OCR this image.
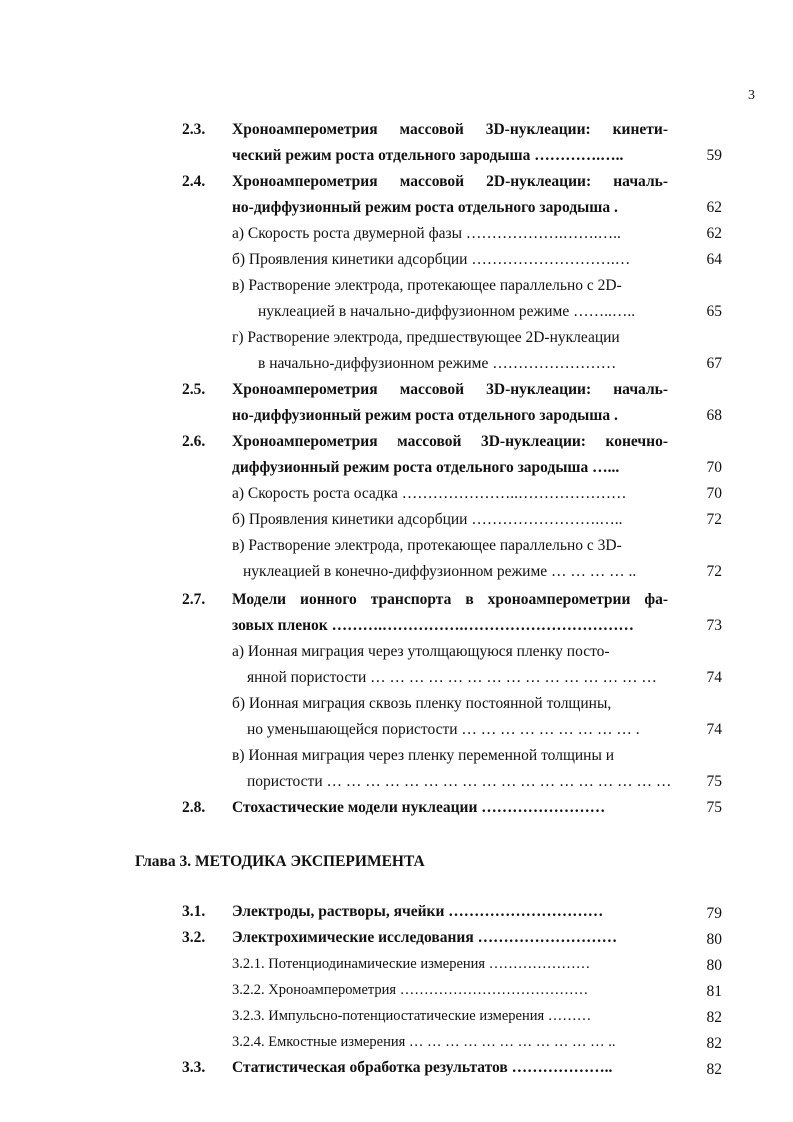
3
2.3. Хроноамперометрия массовой 3D-нуклеации: кинети-
ческий режим роста отдельного зародыша ………….…..	59
2.4. Хроноамперометрия массовой 2D-нуклеации: началь-
но-диффузионный режим роста отдельного зародыша .	62
а) Скорость роста двумерной фазы ……………….…….…..	62
б) Проявления кинетики адсорбции ……………………….…	64
в) Растворение электрода, протекающее параллельно с 2D-
нуклеацией в начально-диффузионном режиме ……..…..	65
г) Растворение электрода, предшествующее 2D-нуклеации
в начально-диффузионном режиме ……………………	67
2.5. Хроноамперометрия массовой 3D-нуклеации: началь-
но-диффузионный режим роста отдельного зародыша .	68
2.6. Хроноамперометрия массовой 3D-нуклеации: конечно-
диффузионный режим роста отдельного зародыша …...	70
а) Скорость роста осадка …………………..…………………	70
б) Проявления кинетики адсорбции …………………….…..	72
в) Растворение электрода, протекающее параллельно с 3D-
нуклеацией в конечно-диффузионном режиме … … … … ..	72
2.7. Модели ионного транспорта в хроноамперометрии фа-
зовых пленок ……….…………….……………………………	73
а) Ионная миграция через утолщающуюся пленку посто-
янной пористости … … … … … … … … … … … … … … …	74
б) Ионная миграция сквозь пленку постоянной толщины,
но уменьшающейся пористости … … … … … … … … … .	74
в) Ионная миграция через пленку переменной толщины и
пористости … … … … … … … … … … … … … … … … … …	75
2.8. Стохастические модели нуклеации ……………………	75
Глава 3. МЕТОДИКА ЭКСПЕРИМЕНТА
3.1. Электроды, растворы, ячейки …………………………	79
3.2. Электрохимические исследования ………………………	80
3.2.1. Потенциодинамические измерения …………………	80
3.2.2. Хроноамперометрия …………………………………	81
3.2.3. Импульсно-потенциостатические измерения ………	82
3.2.4. Емкостные измерения … … … … … … … … … … … ..	82
3.3. Статистическая обработка результатов ………………..	82
